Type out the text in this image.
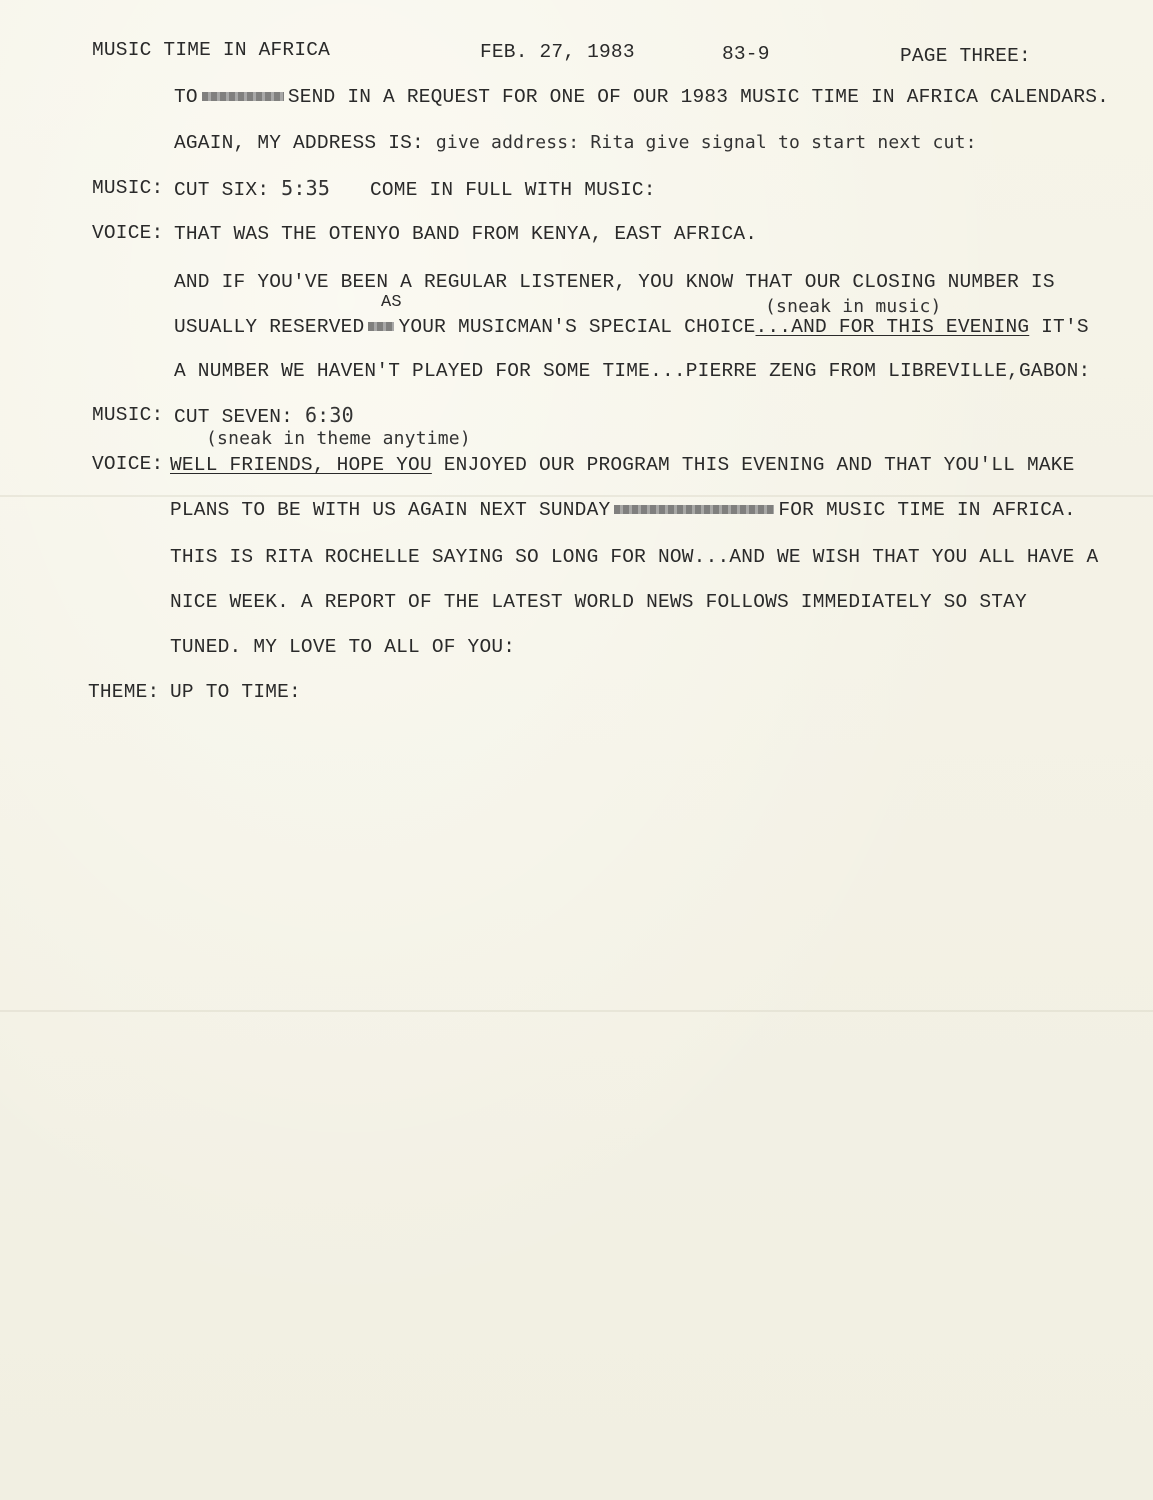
MUSIC TIME IN AFRICA	FEB. 27, 1983	83-9	PAGE THREE:
TO	SEND IN A REQUEST FOR ONE OF OUR 1983 MUSIC TIME IN AFRICA CALENDARS.
AGAIN, MY ADDRESS IS: give address: Rita give signal to start next cut:
MUSIC: CUT SIX: 5:35 COME IN FULL WITH MUSIC:
VOICE: THAT WAS THE OTENYO BAND FROM KENYA, EAST AFRICA.
AND IF YOU'VE BEEN A REGULAR LISTENER, YOU KNOW THAT OUR CLOSING NUMBER IS
AS	(sneak in music)
USUALLY RESERVED YOUR MUSICMAN'S SPECIAL CHOICE...AND FOR THIS EVENING IT'S
A NUMBER WE HAVEN'T PLAYED FOR SOME TIME...PIERRE ZENG FROM LIBREVILLE,GABON:
MUSIC: CUT SEVEN: 6:30
(sneak in theme anytime)
VOICE: WELL FRIENDS, HOPE YOU ENJOYED OUR PROGRAM THIS EVENING AND THAT YOU'LL MAKE
PLANS TO BE WITH US AGAIN NEXT SUNDAY	FOR MUSIC TIME IN AFRICA.
THIS IS RITA ROCHELLE SAYING SO LONG FOR NOW...AND WE WISH THAT YOU ALL HAVE A
NICE WEEK. A REPORT OF THE LATEST WORLD NEWS FOLLOWS IMMEDIATELY SO STAY
TUNED. MY LOVE TO ALL OF YOU:
THEME: UP TO TIME:
